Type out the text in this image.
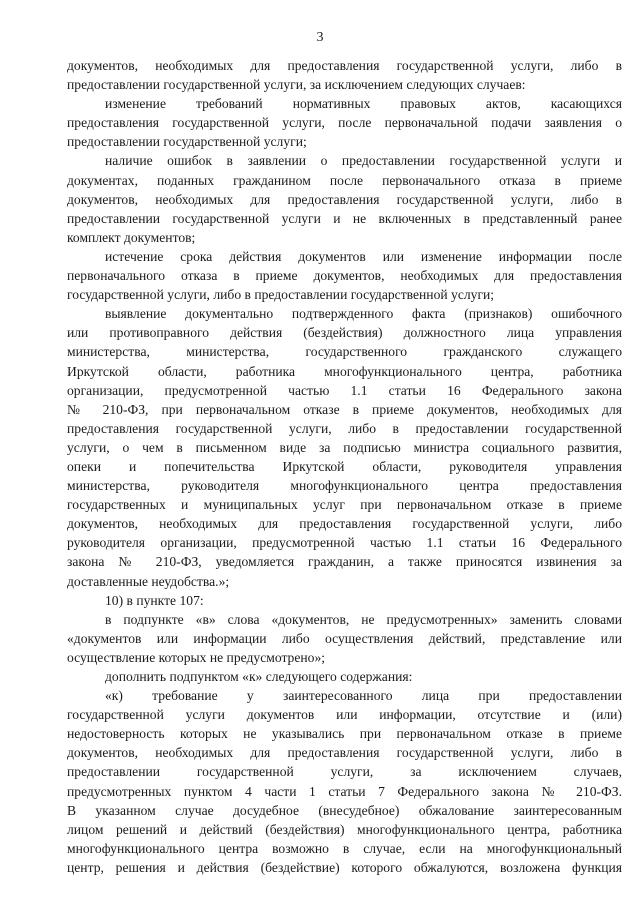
3
документов, необходимых для предоставления государственной услуги, либо в
предоставлении государственной услуги, за исключением следующих случаев:
изменение требований нормативных правовых актов, касающихся
предоставления государственной услуги, после первоначальной подачи заявления о
предоставлении государственной услуги;
наличие ошибок в заявлении о предоставлении государственной услуги и
документах, поданных гражданином после первоначального отказа в приеме
документов, необходимых для предоставления государственной услуги, либо в
предоставлении государственной услуги и не включенных в представленный ранее
комплект документов;
истечение срока действия документов или изменение информации после
первоначального отказа в приеме документов, необходимых для предоставления
государственной услуги, либо в предоставлении государственной услуги;
выявление документально подтвержденного факта (признаков) ошибочного
или противоправного действия (бездействия) должностного лица управления
министерства, министерства, государственного гражданского служащего
Иркутской области, работника многофункционального центра, работника
организации, предусмотренной частью 1.1 статьи 16 Федерального закона
№ 210-ФЗ, при первоначальном отказе в приеме документов, необходимых для
предоставления государственной услуги, либо в предоставлении государственной
услуги, о чем в письменном виде за подписью министра социального развития,
опеки и попечительства Иркутской области, руководителя управления
министерства, руководителя многофункционального центра предоставления
государственных и муниципальных услуг при первоначальном отказе в приеме
документов, необходимых для предоставления государственной услуги, либо
руководителя организации, предусмотренной частью 1.1 статьи 16 Федерального
закона № 210-ФЗ, уведомляется гражданин, а также приносятся извинения за
доставленные неудобства.»;
10) в пункте 107:
в подпункте «в» слова «документов, не предусмотренных» заменить словами
«документов или информации либо осуществления действий, представление или
осуществление которых не предусмотрено»;
дополнить подпунктом «к» следующего содержания:
«к) требование у заинтересованного лица при предоставлении
государственной услуги документов или информации, отсутствие и (или)
недостоверность которых не указывались при первоначальном отказе в приеме
документов, необходимых для предоставления государственной услуги, либо в
предоставлении государственной услуги, за исключением случаев,
предусмотренных пунктом 4 части 1 статьи 7 Федерального закона № 210-ФЗ.
В указанном случае досудебное (внесудебное) обжалование заинтересованным
лицом решений и действий (бездействия) многофункционального центра, работника
многофункционального центра возможно в случае, если на многофункциональный
центр, решения и действия (бездействие) которого обжалуются, возложена функция
